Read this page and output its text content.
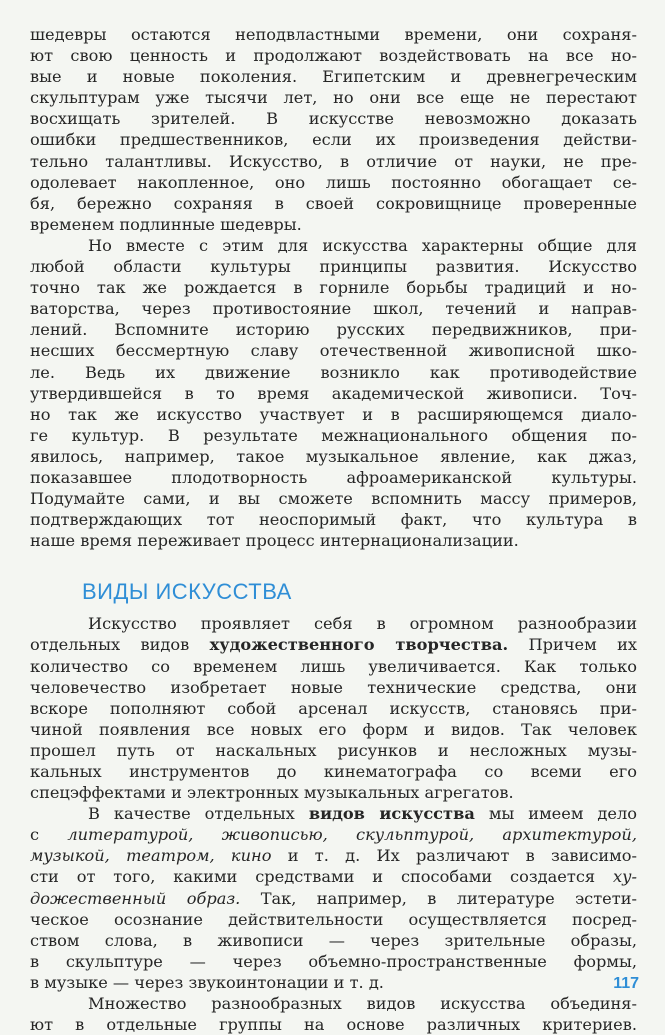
шедевры остаются неподвластными времени, они сохраня-
ют свою ценность и продолжают воздействовать на все но-
вые и новые поколения. Египетским и древнегреческим
скульптурам уже тысячи лет, но они все еще не перестают
восхищать зрителей. В искусстве невозможно доказать
ошибки предшественников, если их произведения действи-
тельно талантливы. Искусство, в отличие от науки, не пре-
одолевает накопленное, оно лишь постоянно обогащает се-
бя, бережно сохраняя в своей сокровищнице проверенные
временем подлинные шедевры.
Но вместе с этим для искусства характерны общие для
любой области культуры принципы развития. Искусство
точно так же рождается в горниле борьбы традиций и но-
ваторства, через противостояние школ, течений и направ-
лений. Вспомните историю русских передвижников, при-
несших бессмертную славу отечественной живописной шко-
ле. Ведь их движение возникло как противодействие
утвердившейся в то время академической живописи. Точ-
но так же искусство участвует и в расширяющемся диало-
ге культур. В результате межнационального общения по-
явилось, например, такое музыкальное явление, как джаз,
показавшее плодотворность афроамериканской культуры.
Подумайте сами, и вы сможете вспомнить массу примеров,
подтверждающих тот неоспоримый факт, что культура в
наше время переживает процесс интернационализации.
ВИДЫ ИСКУССТВА
Искусство проявляет себя в огромном разнообразии
отдельных видов художественного творчества. Причем их
количество со временем лишь увеличивается. Как только
человечество изобретает новые технические средства, они
вскоре пополняют собой арсенал искусств, становясь при-
чиной появления все новых его форм и видов. Так человек
прошел путь от наскальных рисунков и несложных музы-
кальных инструментов до кинематографа со всеми его
спецэффектами и электронных музыкальных агрегатов.
В качестве отдельных видов искусства мы имеем дело
с литературой, живописью, скульптурой, архитектурой,
музыкой, театром, кино и т. д. Их различают в зависимо-
сти от того, какими средствами и способами создается ху-
дожественный образ. Так, например, в литературе эстети-
ческое осознание действительности осуществляется посред-
ством слова, в живописи — через зрительные образы,
в скульптуре — через объемно-пространственные формы,
в музыке — через звукоинтонации и т. д.
Множество разнообразных видов искусства объединя-
ют в отдельные группы на основе различных критериев.
117
